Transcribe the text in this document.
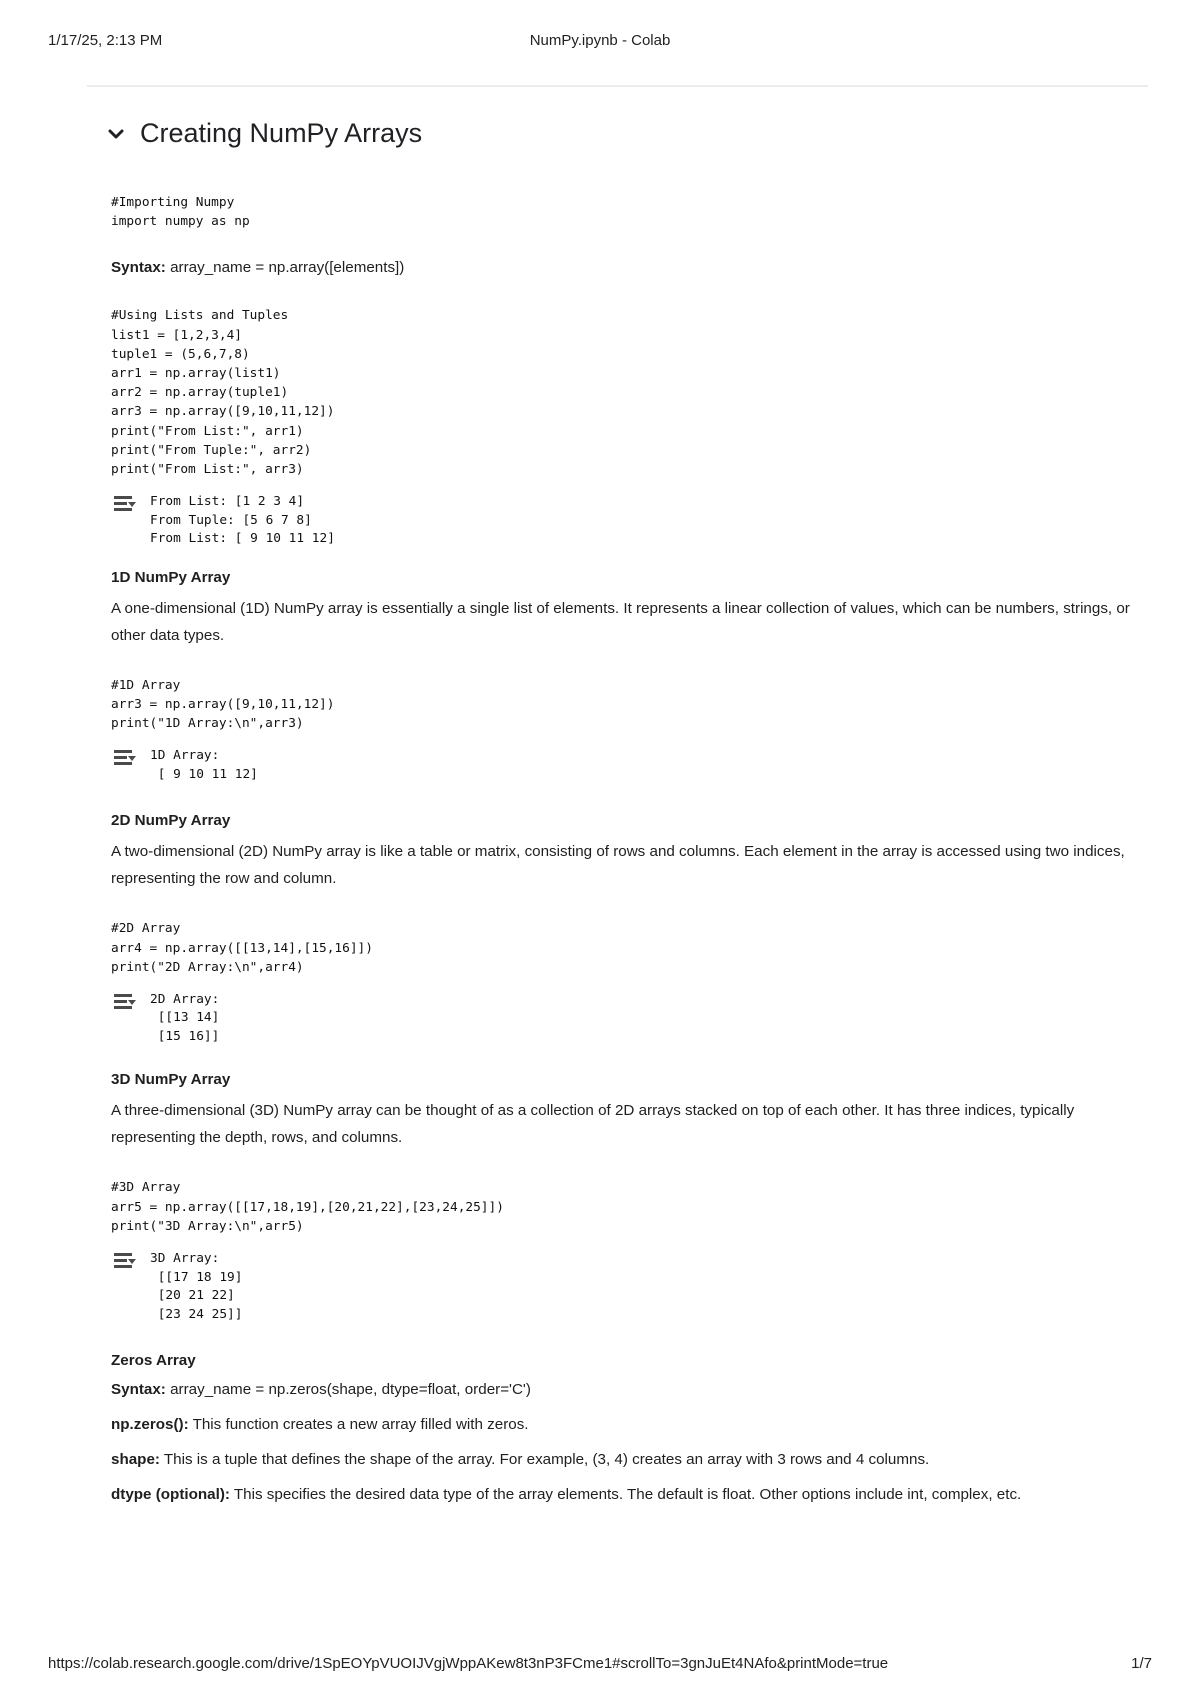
1/17/25, 2:13 PM	NumPy.ipynb - Colab
Creating NumPy Arrays
#Importing Numpy
import numpy as np
Syntax: array_name = np.array([elements])
#Using Lists and Tuples
list1 = [1,2,3,4]
tuple1 = (5,6,7,8)
arr1 = np.array(list1)
arr2 = np.array(tuple1)
arr3 = np.array([9,10,11,12])
print("From List:", arr1)
print("From Tuple:", arr2)
print("From List:", arr3)
From List: [1 2 3 4]
From Tuple: [5 6 7 8]
From List: [ 9 10 11 12]
1D NumPy Array
A one-dimensional (1D) NumPy array is essentially a single list of elements. It represents a linear collection of values, which can be numbers, strings, or other data types.
#1D Array
arr3 = np.array([9,10,11,12])
print("1D Array:\n",arr3)
1D Array:
[ 9 10 11 12]
2D NumPy Array
A two-dimensional (2D) NumPy array is like a table or matrix, consisting of rows and columns. Each element in the array is accessed using two indices, representing the row and column.
#2D Array
arr4 = np.array([[13,14],[15,16]])
print("2D Array:\n",arr4)
2D Array:
[[13 14]
[15 16]]
3D NumPy Array
A three-dimensional (3D) NumPy array can be thought of as a collection of 2D arrays stacked on top of each other. It has three indices, typically representing the depth, rows, and columns.
#3D Array
arr5 = np.array([[17,18,19],[20,21,22],[23,24,25]])
print("3D Array:\n",arr5)
3D Array:
[[17 18 19]
[20 21 22]
[23 24 25]]
Zeros Array
Syntax: array_name = np.zeros(shape, dtype=float, order='C')
np.zeros(): This function creates a new array filled with zeros.
shape: This is a tuple that defines the shape of the array. For example, (3, 4) creates an array with 3 rows and 4 columns.
dtype (optional): This specifies the desired data type of the array elements. The default is float. Other options include int, complex, etc.
https://colab.research.google.com/drive/1SpEOYpVUOIJVgjWppAKew8t3nP3FCme1#scrollTo=3gnJuEt4NAfo&printMode=true	1/7
